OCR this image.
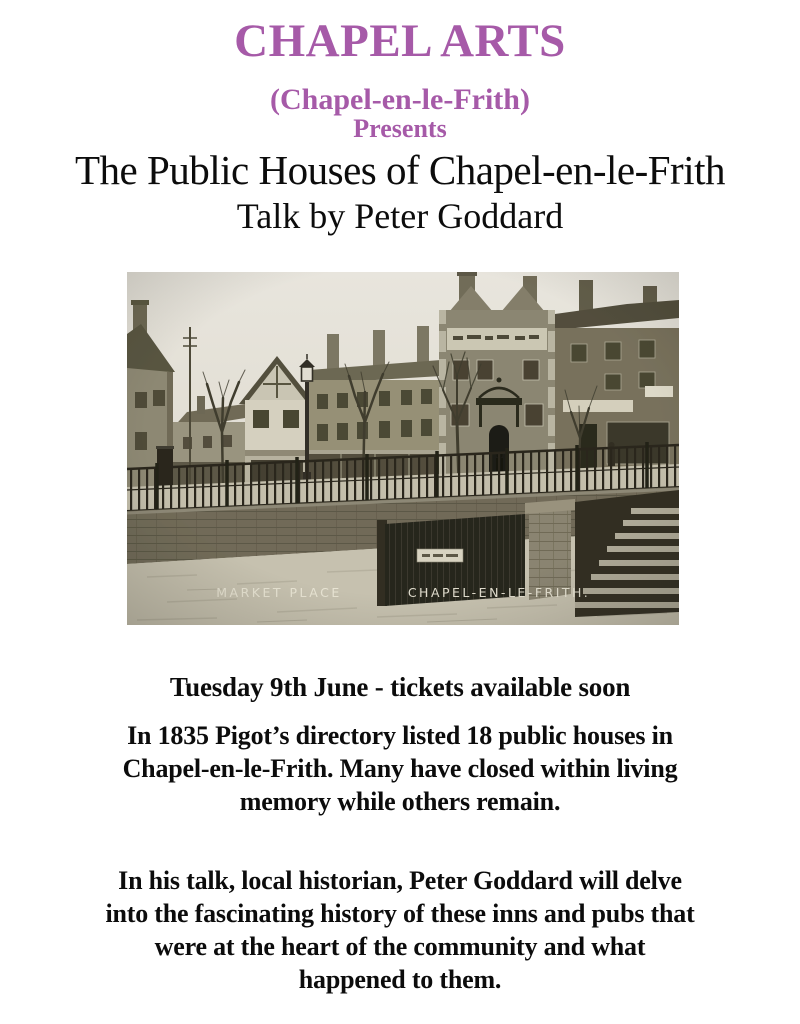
CHAPEL ARTS
(Chapel-en-le-Frith)
Presents
The Public Houses of Chapel-en-le-Frith
Talk by Peter Goddard
Tuesday 9th June - tickets available soon
In 1835 Pigot’s directory listed 18 public houses in
Chapel-en-le-Frith. Many have closed within living
memory while others remain.
In his talk, local historian, Peter Goddard will delve
into the fascinating history of these inns and pubs that
were at the heart of the community and what
happened to them.
